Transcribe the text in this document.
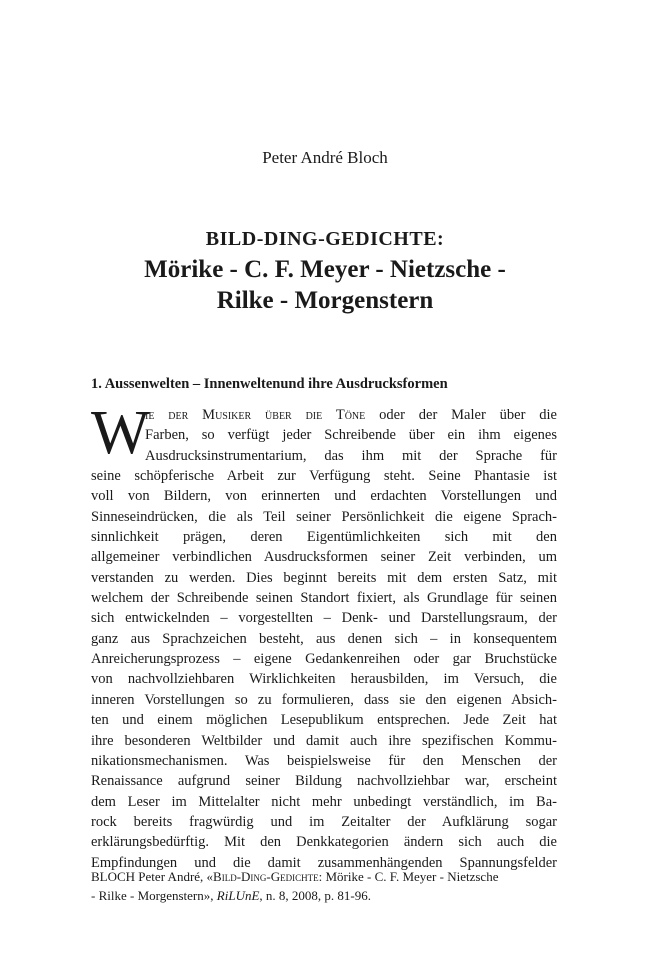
Peter André Bloch
BILD-DING-GEDICHTE:
Mörike - C. F. Meyer - Nietzsche -
Rilke - Morgenstern
1. Aussenwelten – Innenweltenund ihre Ausdrucksformen
W
ie der Musiker über die Töne oder der Maler über die
Farben, so verfügt jeder Schreibende über ein ihm eigenes
Ausdrucksinstrumentarium, das ihm mit der Sprache für
seine schöpferische Arbeit zur Verfügung steht. Seine Phantasie ist
voll von Bildern, von erinnerten und erdachten Vorstellungen und
Sinneseindrücken, die als Teil seiner Persönlichkeit die eigene Sprach-
sinnlichkeit prägen, deren Eigentümlichkeiten sich mit den
allgemeiner verbindlichen Ausdrucksformen seiner Zeit verbinden, um
verstanden zu werden. Dies beginnt bereits mit dem ersten Satz, mit
welchem der Schreibende seinen Standort fixiert, als Grundlage für seinen
sich entwickelnden – vorgestellten – Denk- und Darstellungsraum, der
ganz aus Sprachzeichen besteht, aus denen sich – in konsequentem
Anreicherungsprozess – eigene Gedankenreihen oder gar Bruchstücke
von nachvollziehbaren Wirklichkeiten herausbilden, im Versuch, die
inneren Vorstellungen so zu formulieren, dass sie den eigenen Absich-
ten und einem möglichen Lesepublikum entsprechen. Jede Zeit hat
ihre besonderen Weltbilder und damit auch ihre spezifischen Kommu-
nikationsmechanismen. Was beispielsweise für den Menschen der
Renaissance aufgrund seiner Bildung nachvollziehbar war, erscheint
dem Leser im Mittelalter nicht mehr unbedingt verständlich, im Ba-
rock bereits fragwürdig und im Zeitalter der Aufklärung sogar
erklärungsbedürftig. Mit den Denkkategorien ändern sich auch die
Empfindungen und die damit zusammenhängenden Spannungsfelder
BLOCH Peter André, «Bild-Ding-Gedichte: Mörike - C. F. Meyer - Nietzsche
- Rilke - Morgenstern», RiLUnE, n. 8, 2008, p. 81-96.
